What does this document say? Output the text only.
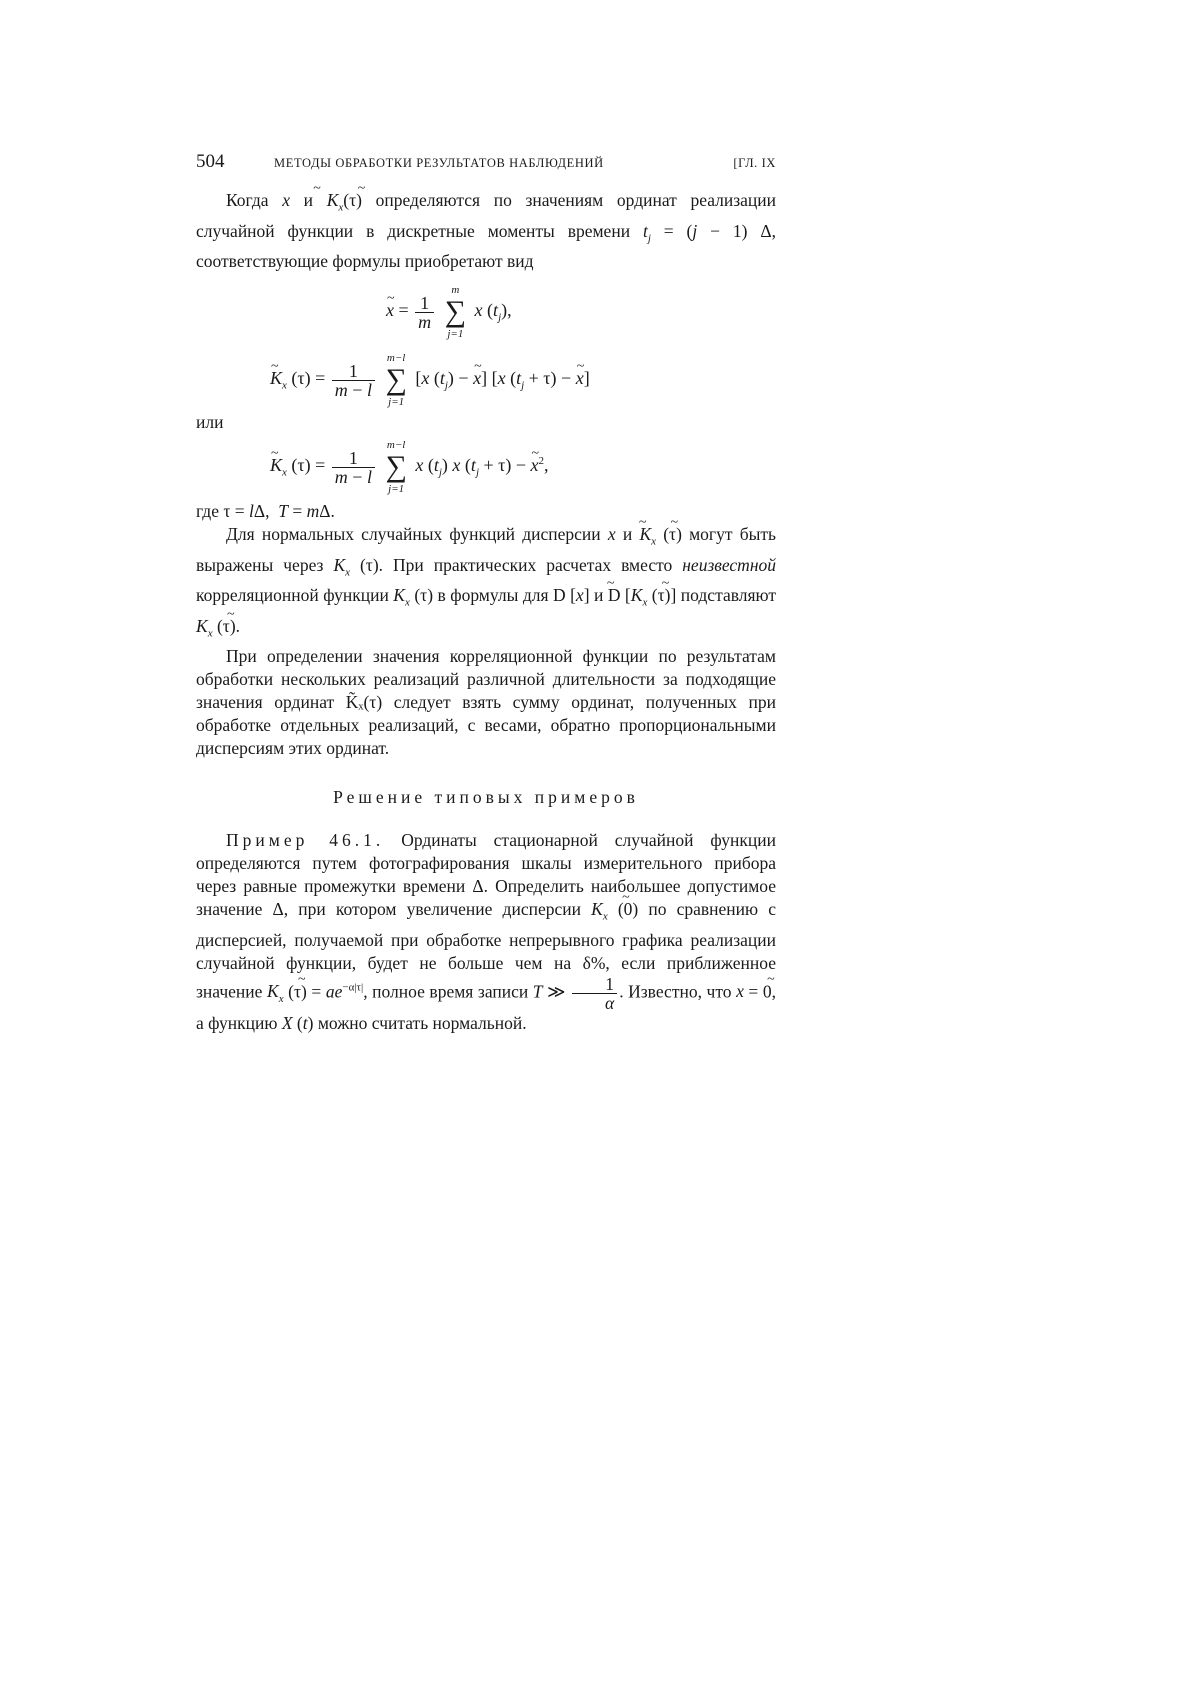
504	МЕТОДЫ ОБРАБОТКИ РЕЗУЛЬТАТОВ НАБЛЮДЕНИЙ	[ГЛ. IX

Когда ~ x и ~ $K_x(\tau)$ определяются по значениям ординат реализации случайной функции в дискретные моменты времени $t_j = (j - 1)$ Δ, соответствующие формулы приобретают вид

~ $x = \frac{1}{m}$

m
∑
j=1
x $(t_j)$,
~ $K_x$ $(\tau) = \frac{1}{m - l}$

m−l
∑
j=1
[x $(t_j)$ − ~ x] [x $(t_j + \tau)$ − ~ x]

или

~ $K_x$ $(\tau) = \frac{1}{m - l}$

m−l
∑
j=1
x $(t_j)$ x $(t_j + \tau)$ − ~ $x^2$,

где τ = lΔ,  T = mΔ.

Для нормальных случайных функций дисперсии ~ x и ~ $K_x$ (τ) могут быть выражены через $K_x$ (τ). При практических расчетах вместо неизвестной корреляционной функции $K_x$ (τ) в формулы для D [~ x] и D [~ $K_x$ (τ)] подставляют ~ $K_x$ (τ).

При определении значения корреляционной функции по результатам обработки нескольких реализаций различной длительности за подходящие значения ординат K̃ₓ(τ) следует взять сумму ординат, полученных при обработке отдельных реализаций, с весами, обратно пропорциональными дисперсиям этих ординат.

Решение типовых примеров

Пример 46.1. Ординаты стационарной случайной функции определяются путем фотографирования шкалы измерительного прибора через равные промежутки времени Δ. Определить наибольшее допустимое значение Δ, при котором увеличение дисперсии ~ $K_x$ (0) по сравнению с дисперсией, получаемой при обработке непрерывного графика реализации случайной функции, будет не больше чем на δ%, если приближенное значение ~ $K_x$ $(\tau) = ae^{-\alpha|\tau|}$, полное время записи T ≫ $\frac{1}{\alpha}$ . Известно, что ~ x = 0, а функцию X (t) можно считать нормальной.
